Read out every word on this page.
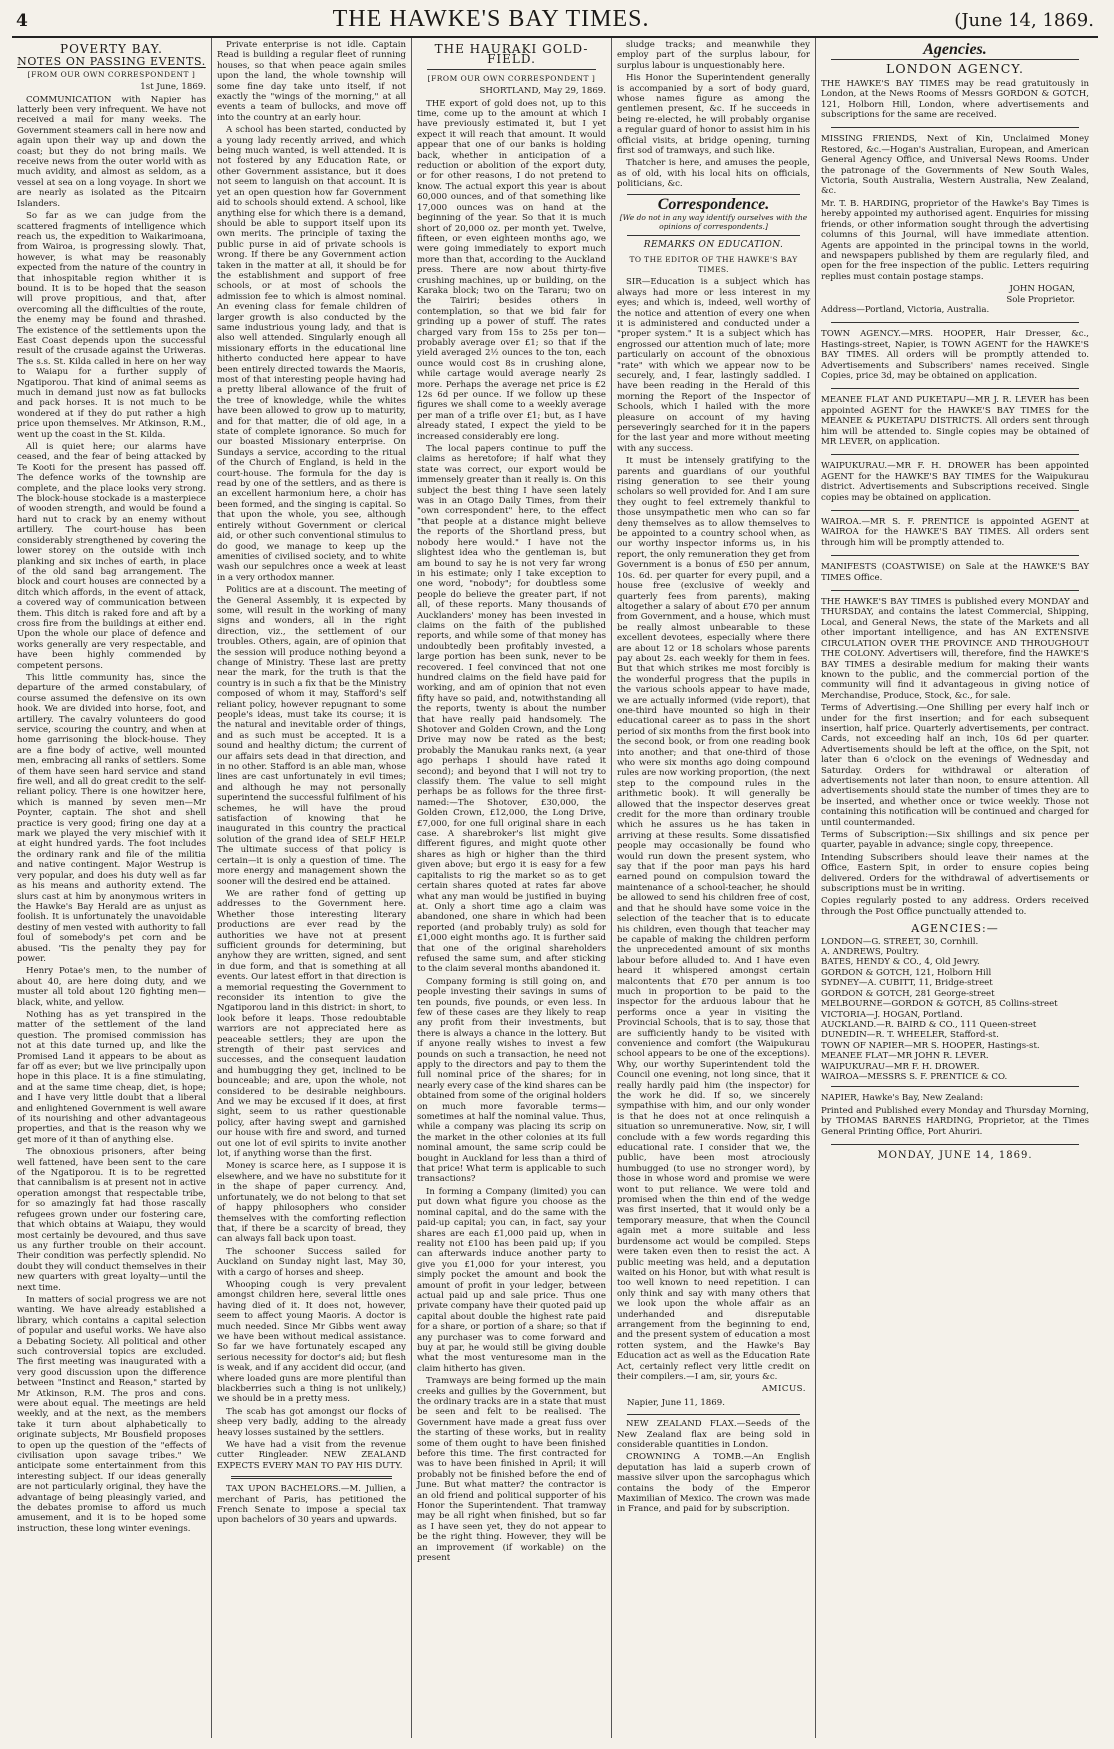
4	THE HAWKE'S BAY TIMES.	(June 14, 1869.
POVERTY BAY.
NOTES ON PASSING EVENTS.
[FROM OUR OWN CORRESPONDENT ]
1st June, 1869.

COMMUNICATION with Napier has latterly been very infrequent. We have not received a mail for many weeks. The Government steamers call in here now and again upon their way up and down the coast; but they do not bring mails. We receive news from the outer world with as much avidity, and almost as seldom, as a vessel at sea on a long voyage. In short we are nearly as isolated as the Pitcairn Islanders.

So far as we can judge from the scattered fragments of intelligence which reach us, the expedition to Waikarimoana, from Wairoa, is progressing slowly. That, however, is what may be reasonably expected from the nature of the country in that inhospitable region whither it is bound. It is to be hoped that the season will prove propitious, and that, after overcoming all the difficulties of the route, the enemy may be found and thrashed. The existence of the settlements upon the East Coast depends upon the successful result of the crusade against the Uriweras. The s.s. St. Kilda called in here on her way to Waiapu for a further supply of Ngatiporou. That kind of animal seems as much in demand just now as fat bullocks and pack horses. It is not much to be wondered at if they do put rather a high price upon themselves. Mr Atkinson, R.M., went up the coast in the St. Kilda.

All is quiet here; our alarms have ceased, and the fear of being attacked by Te Kooti for the present has passed off. The defence works of the township are complete, and the place looks very strong. The block-house stockade is a masterpiece of wooden strength, and would be found a hard nut to crack by an enemy without artillery. The court-house has been considerably strengthened by covering the lower storey on the outside with inch planking and six inches of earth, in place of the old sand bag arrangement. The block and court houses are connected by a ditch which affords, in the event of attack, a covered way of communication between them. This ditch is raked fore and aft by a cross fire from the buildings at either end. Upon the whole our place of defence and works generally are very respectable, and have been highly commended by competent persons.

This little community has, since the departure of the armed constabulary, of course assumed the defensive on its own hook. We are divided into horse, foot, and artillery. The cavalry volunteers do good service, scouring the country, and when at home garrisoning the block-house. They are a fine body of active, well mounted men, embracing all ranks of settlers. Some of them have seen hard service and stand fire well, and all do great credit to the self-reliant policy. There is one howitzer here, which is manned by seven men—Mr Poynter, captain. The shot and shell practice is very good; firing one day at a mark we played the very mischief with it at eight hundred yards. The foot includes the ordinary rank and file of the militia and native contingent. Major Westrup is very popular, and does his duty well as far as his means and authority extend. The slurs cast at him by anonymous writers in the Hawke's Bay Herald are as unjust as foolish. It is unfortunately the unavoidable destiny of men vested with authority to fall foul of somebody's pet corn and be abused. 'Tis the penalty they pay for power.

Henry Potae's men, to the number of about 40, are here doing duty, and we muster all told about 120 fighting men—black, white, and yellow.

Nothing has as yet transpired in the matter of the settlement of the land question. The promised commission has not at this date turned up, and like the Promised Land it appears to be about as far off as ever; but we live principally upon hope in this place. It is a fine stimulating, and at the same time cheap, diet, is hope; and I have very little doubt that a liberal and enlightened Government is well aware of its nourishing and other advantageous properties, and that is the reason why we get more of it than of anything else.

The obnoxious prisoners, after being well fattened, have been sent to the care of the Ngatiporou. It is to be regretted that cannibalism is at present not in active operation amongst that respectable tribe, for so amazingly fat had those rascally refugees grown under our fostering care, that which obtains at Waiapu, they would most certainly be devoured, and thus save us any further trouble on their account. Their condition was perfectly splendid. No doubt they will conduct themselves in their new quarters with great loyalty—until the next time.

In matters of social progress we are not wanting. We have already established a library, which contains a capital selection of popular and useful works. We have also a Debating Society. All political and other such controversial topics are excluded. The first meeting was inaugurated with a very good discussion upon the difference between "Instinct and Reason," started by Mr Atkinson, R.M. The pros and cons. were about equal. The meetings are held weekly, and at the next, as the members take it turn about alphabetically to originate subjects, Mr Bousfield proposes to open up the question of the "effects of civilisation upon savage tribes." We anticipate some entertainment from this interesting subject. If our ideas generally are not particularly original, they have the advantage of being pleasingly varied, and the debates promise to afford us much amusement, and it is to be hoped some instruction, these long winter evenings.

Private enterprise is not idle. Captain Read is building a regular fleet of running houses, so that when peace again smiles upon the land, the whole township will some fine day take unto itself, if not exactly the "wings of the morning," at all events a team of bullocks, and move off into the country at an early hour.

A school has been started, conducted by a young lady recently arrived, and which being much wanted, is well attended. It is not fostered by any Education Rate, or other Government assistance, but it does not seem to languish on that account. It is yet an open question how far Government aid to schools should extend. A school, like anything else for which there is a demand, should be able to support itself upon its own merits. The principle of taxing the public purse in aid of private schools is wrong. If there be any Government action taken in the matter at all, it should be for the establishment and support of free schools, or at most of schools the admission fee to which is almost nominal. An evening class for female children of larger growth is also conducted by the same industrious young lady, and that is also well attended. Singularly enough all missionary efforts in the educational line hitherto conducted here appear to have been entirely directed towards the Maoris, most of that interesting people having had a pretty liberal allowance of the fruit of the tree of knowledge, while the whites have been allowed to grow up to maturity, and for that matter, die of old age, in a state of complete ignorance. So much for our boasted Missionary enterprise. On Sundays a service, according to the ritual of the Church of England, is held in the court-house. The formula for the day is read by one of the settlers, and as there is an excellent harmonium here, a choir has been formed, and the singing is capital. So that upon the whole, you see, although entirely without Government or clerical aid, or other such conventional stimulus to do good, we manage to keep up the amenities of civilised society, and to white wash our sepulchres once a week at least in a very orthodox manner.

Politics are at a discount. The meeting of the General Assembly, it is expected by some, will result in the working of many signs and wonders, all in the right direction, viz., the settlement of our troubles. Others, again, are of opinion that the session will produce nothing beyond a change of Ministry. These last are pretty near the mark, for the truth is that the country is in such a fix that be the Ministry composed of whom it may, Stafford's self reliant policy, however repugnant to some people's ideas, must take its course; it is the natural and inevitable order of things, and as such must be accepted. It is a sound and healthy dictum; the current of our affairs sets dead in that direction, and in no other. Stafford is an able man, whose lines are cast unfortunately in evil times; and although he may not personally superintend the successful fulfilment of his schemes, he will have the proud satisfaction of knowing that he inaugurated in this country the practical solution of the grand idea of SELF HELP. The ultimate success of that policy is certain—it is only a question of time. The more energy and management shown the sooner will the desired end be attained.

We are rather fond of getting up addresses to the Government here. Whether those interesting literary productions are ever read by the authorities we have not at present sufficient grounds for determining, but anyhow they are written, signed, and sent in due form, and that is something at all events. Our latest effort in that direction is a memorial requesting the Government to reconsider its intention to give the Ngatiporou land in this district: in short, to look before it leaps. Those redoubtable warriors are not appreciated here as peaceable settlers; they are upon the strength of their past services and successes, and the consequent laudation and humbugging they get, inclined to be bounceable; and are, upon the whole, not considered to be desirable neighbours. And we may be excused if it does, at first sight, seem to us rather questionable policy, after having swept and garnished our house with fire and sword, and turned out one lot of evil spirits to invite another lot, if anything worse than the first.

Money is scarce here, as I suppose it is elsewhere, and we have no substitute for it in the shape of paper currency. And, unfortunately, we do not belong to that set of happy philosophers who consider themselves with the comforting reflection that, if there be a scarcity of bread, they can always fall back upon toast.

The schooner Success sailed for Auckland on Sunday night last, May 30, with a cargo of horses and sheep.

Whooping cough is very prevalent amongst children here, several little ones having died of it. It does not, however, seem to affect young Maoris. A doctor is much needed. Since Mr Gibbs went away we have been without medical assistance. So far we have fortunately escaped any serious necessity for doctor's aid; but flesh is weak, and if any accident did occur, (and where loaded guns are more plentiful than blackberries such a thing is not unlikely,) we should be in a pretty mess.

The scab has got amongst our flocks of sheep very badly, adding to the already heavy losses sustained by the settlers.

We have had a visit from the revenue cutter Ringleader. NEW ZEALAND EXPECTS EVERY MAN TO PAY HIS DUTY.

TAX UPON BACHELORS.—M. Jullien, a merchant of Paris, has petitioned the French Senate to impose a special tax upon bachelors of 30 years and upwards.

THE HAURAKI GOLD-FIELD.
[FROM OUR OWN CORRESPONDENT ]
SHORTLAND, May 29, 1869.

THE export of gold does not, up to this time, come up to the amount at which I have previously estimated it, but I yet expect it will reach that amount. It would appear that one of our banks is holding back, whether in anticipation of a reduction or abolition of the export duty, or for other reasons, I do not pretend to know. The actual export this year is about 60,000 ounces, and of that something like 17,000 ounces was on hand at the beginning of the year. So that it is much short of 20,000 oz. per month yet. Twelve, fifteen, or even eighteen months ago, we were going immediately to export much more than that, according to the Auckland press. There are now about thirty-five crushing machines, up or building, on the Karaka block; two on the Tararu; two on the Tairiri; besides others in contemplation, so that we bid fair for grinding up a power of stuff. The rates charged vary from 15s to 25s per ton—probably average over £1; so that if the yield averaged 2½ ounces to the ton, each ounce would cost 8s in crushing alone, while cartage would average nearly 2s more. Perhaps the average net price is £2 12s 6d per ounce. If we follow up these figures we shall come to a weekly average per man of a trifle over £1; but, as I have already stated, I expect the yield to be increased considerably ere long.

The local papers continue to puff the claims as heretofore; if half what they state was correct, our export would be immensely greater than it really is. On this subject the best thing I have seen lately was in an Otago Daily Times, from their "own correspondent" here, to the effect "that people at a distance might believe the reports of the Shortland press, but nobody here would." I have not the slightest idea who the gentleman is, but am bound to say he is not very far wrong in his estimate; only I take exception to one word, "nobody"; for doubtless some people do believe the greater part, if not all, of these reports. Many thousands of Aucklanders' money has been invested in claims on the faith of the published reports, and while some of that money has undoubtedly been profitably invested, a large portion has been sunk, never to be recovered. I feel convinced that not one hundred claims on the field have paid for working, and am of opinion that not even fifty have so paid, and, notwithstanding all the reports, twenty is about the number that have really paid handsomely. The Shotover and Golden Crown, and the Long Drive may now be rated as the best; probably the Manukau ranks next, (a year ago perhaps I should have rated it second); and beyond that I will not try to classify them. The value to sell might perhaps be as follows for the three first-named:—The Shotover, £30,000, the Golden Crown, £12,000, the Long Drive, £7,000, for one full original share in each case. A sharebroker's list might give different figures, and might quote other shares as high or higher than the third given above; but ergo it is easy for a few capitalists to rig the market so as to get certain shares quoted at rates far above what any man would be justified in buying at. Only a short time ago a claim was abandoned, one share in which had been reported (and probably truly) as sold for £1,000 eight months ago. It is further said that one of the original shareholders refused the same sum, and after sticking to the claim several months abandoned it.

Company forming is still going on, and people investing their savings in sums of ten pounds, five pounds, or even less. In few of these cases are they likely to reap any profit from their investments, but there is always a chance in the lottery. But if anyone really wishes to invest a few pounds on such a transaction, he need not apply to the directors and pay to them the full nominal price of the shares; for in nearly every case of the kind shares can be obtained from some of the original holders on much more favorable terms—sometimes at half the nominal value. Thus, while a company was placing its scrip on the market in the other colonies at its full nominal amount, the same scrip could be bought in Auckland for less than a third of that price! What term is applicable to such transactions?

In forming a Company (limited) you can put down what figure you choose as the nominal capital, and do the same with the paid-up capital; you can, in fact, say your shares are each £1,000 paid up, when in reality not £100 has been paid up; if you can afterwards induce another party to give you £1,000 for your interest, you simply pocket the amount and book the amount of profit in your ledger, between actual paid up and sale price. Thus one private company have their quoted paid up capital about double the highest rate paid for a share, or portion of a share; so that if any purchaser was to come forward and buy at par, he would still be giving double what the most venturesome man in the claim hitherto has given.

Tramways are being formed up the main creeks and gullies by the Government, but the ordinary tracks are in a state that must be seen and felt to be realised. The Government have made a great fuss over the starting of these works, but in reality some of them ought to have been finished before this time. The first contracted for was to have been finished in April; it will probably not be finished before the end of June. But what matter? the contractor is an old friend and political supporter of his Honor the Superintendent. That tramway may be all right when finished, but so far as I have seen yet, they do not appear to be the right thing. However, they will be an improvement (if workable) on the present

sludge tracks; and meanwhile they employ part of the surplus labour, for surplus labour is unquestionably here.

His Honor the Superintendent generally is accompanied by a sort of body guard, whose names figure as among the gentlemen present, &c. If he succeeds in being re-elected, he will probably organise a regular guard of honor to assist him in his official visits, at bridge opening, turning first sod of tramways, and such like.

Thatcher is here, and amuses the people, as of old, with his local hits on officials, politicians, &c.

Correspondence.
[We do not in any way identify ourselves with the opinions of correspondents.]
REMARKS ON EDUCATION.
TO THE EDITOR OF THE HAWKE'S BAY TIMES.

SIR—Education is a subject which has always had more or less interest in my eyes; and which is, indeed, well worthy of the notice and attention of every one when it is administered and conducted under a "proper system." It is a subject which has engrossed our attention much of late; more particularly on account of the obnoxious "rate" with which we appear now to be securely, and, I fear, lastingly saddled. I have been reading in the Herald of this morning the Report of the Inspector of Schools, which I hailed with the more pleasure on account of my having perseveringly searched for it in the papers for the last year and more without meeting with any success.

It must be intensely gratifying to the parents and guardians of our youthful rising generation to see their young scholars so well provided for. And I am sure they ought to feel extremely thankful to those unsympathetic men who can so far deny themselves as to allow themselves to be appointed to a country school when, as our worthy inspector informs us, in his report, the only remuneration they get from Government is a bonus of £50 per annum, 10s. 6d. per quarter for every pupil, and a house free (exclusive of weekly and quarterly fees from parents), making altogether a salary of about £70 per annum from Government, and a house, which must be really almost unbearable to these excellent devotees, especially where there are about 12 or 18 scholars whose parents pay about 2s. each weekly for them in fees. But that which strikes me most forcibly is the wonderful progress that the pupils in the various schools appear to have made, we are actually informed (vide report), that one-third have mounted so high in their educational career as to pass in the short period of six months from the first book into the second book, or from one reading book into another; and that one-third of those who were six months ago doing compound rules are now working proportion, (the next step to the compound rules in the arithmetic book). It will generally be allowed that the inspector deserves great credit for the more than ordinary trouble which he assures us he has taken in arriving at these results. Some dissatisfied people may occasionally be found who would run down the present system, who say that if the poor man pays his hard earned pound on compulsion toward the maintenance of a school-teacher, he should be allowed to send his children free of cost, and that he should have some voice in the selection of the teacher that is to educate his children, even though that teacher may be capable of making the children perform the unprecedented amount of six months labour before alluded to. And I have even heard it whispered amongst certain malcontents that £70 per annum is too much in proportion to be paid to the inspector for the arduous labour that he performs once a year in visiting the Provincial Schools, that is to say, those that are sufficiently handy to be visited with convenience and comfort (the Waipukurau school appears to be one of the exceptions). Why, our worthy Superintendent told the Council one evening, not long since, that it really hardly paid him (the inspector) for the work he did. If so, we sincerely sympathise with him, and our only wonder is that he does not at once relinquish a situation so unremunerative. Now, sir, I will conclude with a few words regarding this educational rate. I consider that we, the public, have been most atrociously humbugged (to use no stronger word), by those in whose word and promise we were wont to put reliance. We were told and promised when the thin end of the wedge was first inserted, that it would only be a temporary measure, that when the Council again met a more suitable and less burdensome act would be compiled. Steps were taken even then to resist the act. A public meeting was held, and a deputation waited on his Honor, but with what result is too well known to need repetition. I can only think and say with many others that we look upon the whole affair as an underhanded and disreputable arrangement from the beginning to end, and the present system of education a most rotten system, and the Hawke's Bay Education act as well as the Education Rate Act, certainly reflect very little credit on their compilers.—I am, sir, yours &c.

AMICUS.

Napier, June 11, 1869.

NEW ZEALAND FLAX.—Seeds of the New Zealand flax are being sold in considerable quantities in London.

CROWNING A TOMB.—An English deputation has laid a superb crown of massive silver upon the sarcophagus which contains the body of the Emperor Maximilian of Mexico. The crown was made in France, and paid for by subscription.

Agencies.
LONDON AGENCY.

THE HAWKE'S BAY TIMES may be read gratuitously in London, at the News Rooms of Messrs GORDON & GOTCH, 121, Holborn Hill, London, where advertisements and subscriptions for the same are received.

MISSING FRIENDS, Next of Kin, Unclaimed Money Restored, &c.—Hogan's Australian, European, and American General Agency Office, and Universal News Rooms. Under the patronage of the Governments of New South Wales, Victoria, South Australia, Western Australia, New Zealand, &c.

Mr. T. B. HARDING, proprietor of the Hawke's Bay Times is hereby appointed my authorised agent. Enquiries for missing friends, or other information sought through the advertising columns of this Journal, will have immediate attention. Agents are appointed in the principal towns in the world, and newspapers published by them are regularly filed, and open for the free inspection of the public. Letters requiring replies must contain postage stamps.

JOHN HOGAN,

Sole Proprietor.

Address—Portland, Victoria, Australia.

TOWN AGENCY.—MRS. HOOPER, Hair Dresser, &c., Hastings-street, Napier, is TOWN AGENT for the HAWKE'S BAY TIMES. All orders will be promptly attended to. Advertisements and Subscribers' names received. Single Copies, price 3d, may be obtained on application.

MEANEE FLAT AND PUKETAPU—MR J. R. LEVER has been appointed AGENT for the HAWKE'S BAY TIMES for the MEANEE & PUKETAPU DISTRICTS. All orders sent through him will be attended to. Single copies may be obtained of MR LEVER, on application.

WAIPUKURAU.—MR F. H. DROWER has been appointed AGENT for the HAWKE'S BAY TIMES for the Waipukurau district. Advertisements and Subscriptions received. Single copies may be obtained on application.

WAIROA.—MR S. F. PRENTICE is appointed AGENT at WAIROA for the HAWKE'S BAY TIMES. All orders sent through him will be promptly attended to.

MANIFESTS (COASTWISE) on Sale at the HAWKE'S BAY TIMES Office.

THE HAWKE'S BAY TIMES is published every MONDAY and THURSDAY, and contains the latest Commercial, Shipping, Local, and General News, the state of the Markets and all other important intelligence, and has AN EXTENSIVE CIRCULATION OVER THE PROVINCE AND THROUGHOUT THE COLONY. Advertisers will, therefore, find the HAWKE'S BAY TIMES a desirable medium for making their wants known to the public, and the commercial portion of the community will find it advantageous in giving notice of Merchandise, Produce, Stock, &c., for sale.

Terms of Advertising.—One Shilling per every half inch or under for the first insertion; and for each subsequent insertion, half price. Quarterly advertisements, per contract. Cards, not exceeding half an inch, 10s 6d per quarter. Advertisements should be left at the office, on the Spit, not later than 6 o'clock on the evenings of Wednesday and Saturday. Orders for withdrawal or alteration of advertisements not later than noon, to ensure attention. All advertisements should state the number of times they are to be inserted, and whether once or twice weekly. Those not containing this notification will be continued and charged for until countermanded.

Terms of Subscription:—Six shillings and six pence per quarter, payable in advance; single copy, threepence.

Intending Subscribers should leave their names at the Office, Eastern Spit, in order to ensure copies being delivered. Orders for the withdrawal of advertisements or subscriptions must be in writing.

Copies regularly posted to any address. Orders received through the Post Office punctually attended to.

AGENCIES:—

LONDON—G. STREET, 30, Cornhill.

A. ANDREWS, Poultry.

BATES, HENDY & CO., 4, Old Jewry.

GORDON & GOTCH, 121, Holborn Hill

SYDNEY—A. CUBITT, 11, Bridge-street

GORDON & GOTCH, 281 George-street

MELBOURNE—GORDON & GOTCH, 85 Collins-street

VICTORIA—J. HOGAN, Portland.

AUCKLAND.—R. BAIRD & CO., 111 Queen-street

DUNEDIN—R. T. WHEELER, Stafford-st.

TOWN OF NAPIER—MR S. HOOPER, Hastings-st.

MEANEE FLAT—MR JOHN R. LEVER.

WAIPUKURAU—MR F. H. DROWER.

WAIROA—MESSRS S. F. PRENTICE & CO.

NAPIER, Hawke's Bay, New Zealand:

Printed and Published every Monday and Thursday Morning, by THOMAS BARNES HARDING, Proprietor, at the Times General Printing Office, Port Ahuriri.

MONDAY, JUNE 14, 1869.
